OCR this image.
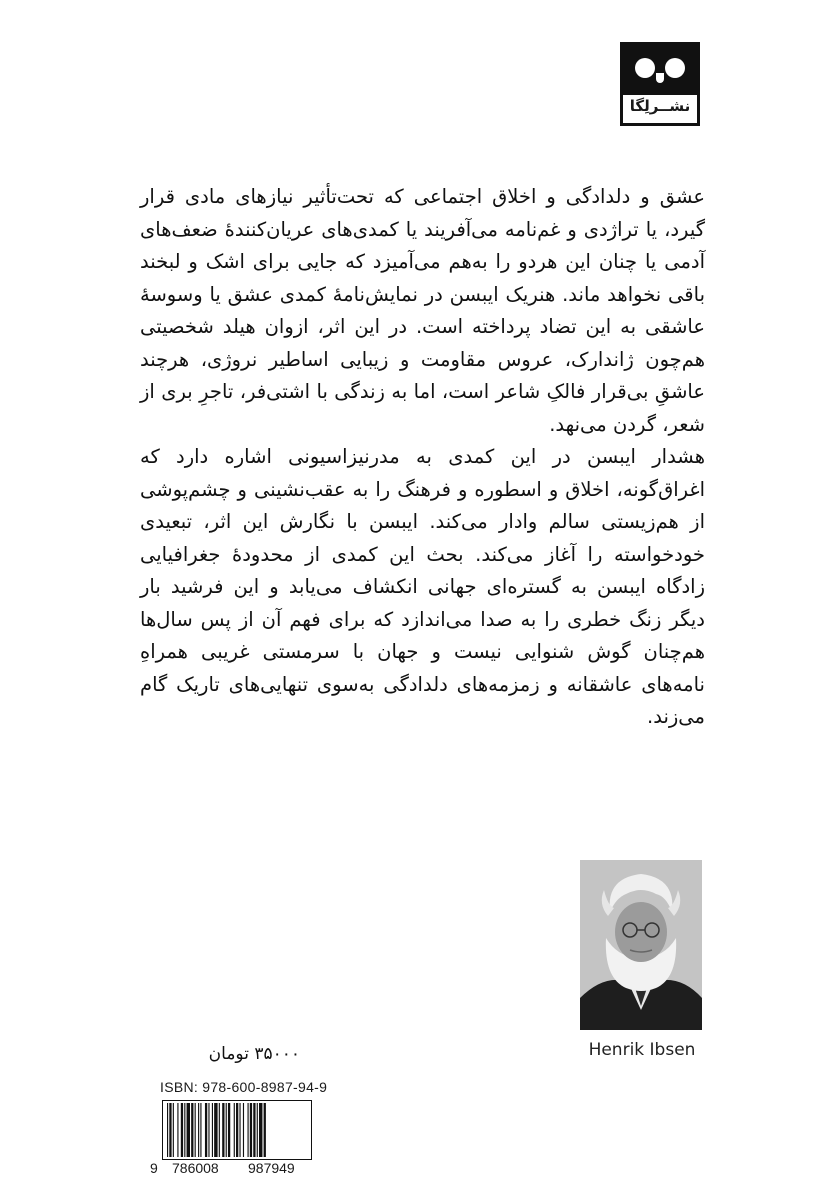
نشــرلِگا

عشق و دلدادگی و اخلاق اجتماعی که تحت‌تأثیر نیازهای مادی قرار گیرد، یا تراژدی و غم‌نامه می‌آفریند یا کمدی‌های عریان‌کنندهٔ ضعف‌های آدمی یا چنان این هردو را به‌هم می‌آمیزد که جایی برای اشک و لبخند باقی نخواهد ماند. هنریک ایبسن در نمایش‌نامهٔ کمدی عشق یا وسوسهٔ عاشقی به این تضاد پرداخته است. در این اثر، ازوان هیلد شخصیتی هم‌چون ژاندارک، عروس مقاومت و زیبایی اساطیر نروژی، هرچند عاشقِ بی‌قرار فالکِ شاعر است، اما به زندگی با اشتی‌فر، تاجرِ بری از شعر، گردن می‌نهد.

هشدار ایبسن در این کمدی به مدرنیزاسیونی اشاره دارد که اغراق‌گونه، اخلاق و اسطوره و فرهنگ را به عقب‌نشینی و چشم‌پوشی از هم‌زیستی سالم وادار می‌کند. ایبسن با نگارش این اثر، تبعیدی خودخواسته را آغاز می‌کند. بحث این کمدی از محدودهٔ جغرافیایی زادگاه ایبسن به گستره‌ای جهانی انکشاف می‌یابد و این فرشید بار دیگر زنگ خطری را به صدا می‌اندازد که برای فهم آن از پس سال‌ها هم‌چنان گوش شنوایی نیست و جهان با سرمستی غریبی همراهِ نامه‌های عاشقانه و زمزمه‌های دلدادگی به‌سوی تنهایی‌های تاریک گام می‌زند.

Henrik Ibsen
۳۵۰۰۰ تومان
ISBN: 978-600-8987-94-9
9 786008 987949
